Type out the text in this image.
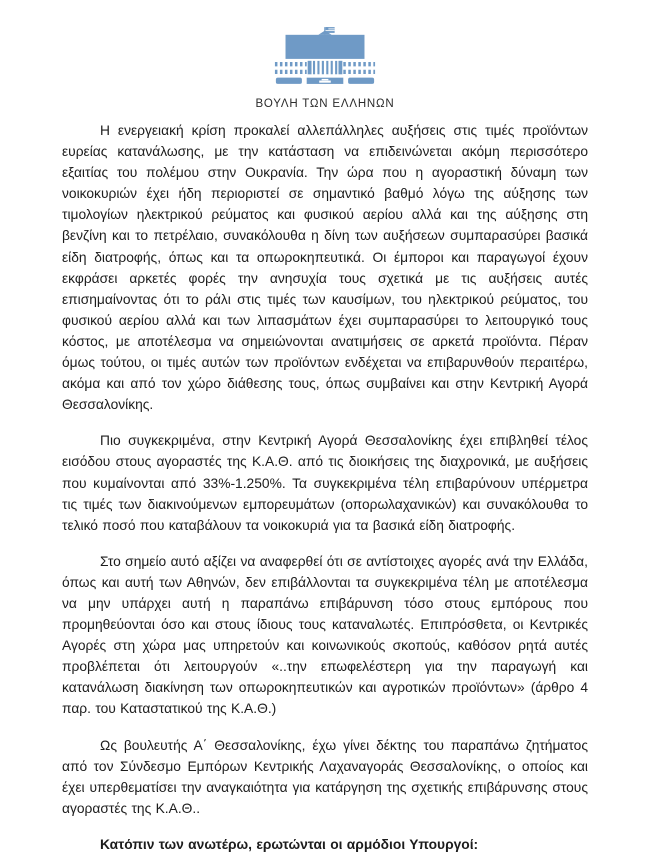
ΒΟΥΛΗ ΤΩΝ ΕΛΛΗΝΩΝ

Η ενεργειακή κρίση προκαλεί αλλεπάλληλες αυξήσεις στις τιμές προϊόντων ευρείας κατανάλωσης, με την κατάσταση να επιδεινώνεται ακόμη περισσότερο εξαιτίας του πολέμου στην Ουκρανία. Την ώρα που η αγοραστική δύναμη των νοικοκυριών έχει ήδη περιοριστεί σε σημαντικό βαθμό λόγω της αύξησης των τιμολογίων ηλεκτρικού ρεύματος και φυσικού αερίου αλλά και της αύξησης στη βενζίνη και το πετρέλαιο, συνακόλουθα η δίνη των αυξήσεων συμπαρασύρει βασικά είδη διατροφής, όπως και τα οπωροκηπευτικά. Οι έμποροι και παραγωγοί έχουν εκφράσει αρκετές φορές την ανησυχία τους σχετικά με τις αυξήσεις αυτές επισημαίνοντας ότι το ράλι στις τιμές των καυσίμων, του ηλεκτρικού ρεύματος, του φυσικού αερίου αλλά και των λιπασμάτων έχει συμπαρασύρει το λειτουργικό τους κόστος, με αποτέλεσμα να σημειώνονται ανατιμήσεις σε αρκετά προϊόντα. Πέραν όμως τούτου, οι τιμές αυτών των προϊόντων ενδέχεται να επιβαρυνθούν περαιτέρω, ακόμα και από τον χώρο διάθεσης τους, όπως συμβαίνει και στην Κεντρική Αγορά Θεσσαλονίκης.

Πιο συγκεκριμένα, στην Κεντρική Αγορά Θεσσαλονίκης έχει επιβληθεί τέλος εισόδου στους αγοραστές της Κ.Α.Θ. από τις διοικήσεις της διαχρονικά, με αυξήσεις που κυμαίνονται από 33%-1.250%. Τα συγκεκριμένα τέλη επιβαρύνουν υπέρμετρα τις τιμές των διακινούμενων εμπορευμάτων (οπορωλαχανικών) και συνακόλουθα το τελικό ποσό που καταβάλουν τα νοικοκυριά για τα βασικά είδη διατροφής.

Στο σημείο αυτό αξίζει να αναφερθεί ότι σε αντίστοιχες αγορές ανά την Ελλάδα, όπως και αυτή των Αθηνών, δεν επιβάλλονται τα συγκεκριμένα τέλη με αποτέλεσμα να μην υπάρχει αυτή η παραπάνω επιβάρυνση τόσο στους εμπόρους που προμηθεύονται όσο και στους ίδιους τους καταναλωτές. Επιπρόσθετα, οι Κεντρικές Αγορές στη χώρα μας υπηρετούν και κοινωνικούς σκοπούς, καθόσον ρητά αυτές προβλέπεται ότι λειτουργούν «..την επωφελέστερη για την παραγωγή και κατανάλωση διακίνηση των οπωροκηπευτικών και αγροτικών προϊόντων» (άρθρο 4 παρ. του Καταστατικού της Κ.Α.Θ.)

Ως βουλευτής Α΄ Θεσσαλονίκης, έχω γίνει δέκτης του παραπάνω ζητήματος από τον Σύνδεσμο Εμπόρων Κεντρικής Λαχαναγοράς Θεσσαλονίκης, ο οποίος και έχει υπερθεματίσει την αναγκαιότητα για κατάργηση της σχετικής επιβάρυνσης στους αγοραστές της Κ.Α.Θ..

Κατόπιν των ανωτέρω, ερωτώνται οι αρμόδιοι Υπουργοί:
